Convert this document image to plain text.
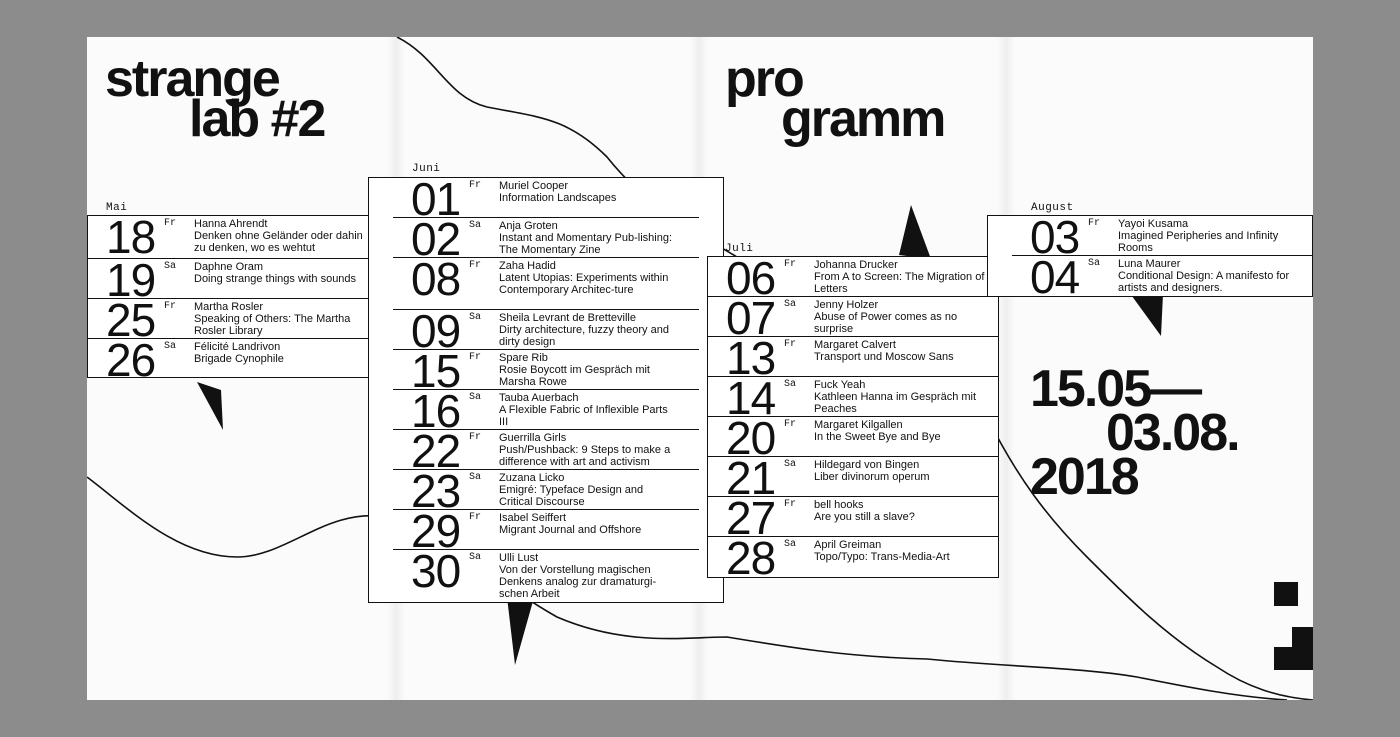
strange
lab #2
pro
gramm
15.05—
03.08.
2018
Mai
18 Fr Hanna Ahrendt
Denken ohne Geländer oder dahin zu denken, wo es wehtut
19 Sa Daphne Oram
Doing strange things with sounds
25 Fr Martha Rosler
Speaking of Others: The Martha Rosler Library
26 Sa Félicité Landrivon
Brigade Cynophile
Juni
01 Fr Muriel Cooper
Information Landscapes
02 Sa Anja Groten
Instant and Momentary Pub-lishing: The Momentary Zine
08 Fr Zaha Hadid
Latent Utopias: Experiments within Contemporary Architec-ture
09 Sa Sheila Levrant de Bretteville
Dirty architecture, fuzzy theory and dirty design
15 Fr Spare Rib
Rosie Boycott im Gespräch mit Marsha Rowe
16 Sa Tauba Auerbach
A Flexible Fabric of Inflexible Parts III
22 Fr Guerrilla Girls
Push/Pushback: 9 Steps to make a difference with art and activism
23 Sa Zuzana Licko
Emigré: Typeface Design and Critical Discourse
29 Fr Isabel Seiffert
Migrant Journal and Offshore
30 Sa Ulli Lust
Von der Vorstellung magischen Denkens analog zur dramaturgi-schen Arbeit
Juli
06 Fr Johanna Drucker
From A to Screen: The Migration of Letters
07 Sa Jenny Holzer
Abuse of Power comes as no surprise
13 Fr Margaret Calvert
Transport und Moscow Sans
14 Sa Fuck Yeah
Kathleen Hanna im Gespräch mit Peaches
20 Fr Margaret Kilgallen
In the Sweet Bye and Bye
21 Sa Hildegard von Bingen
Liber divinorum operum
27 Fr bell hooks
Are you still a slave?
28 Sa April Greiman
Topo/Typo: Trans-Media-Art
August
03 Fr Yayoi Kusama
Imagined Peripheries and Infinity Rooms
04 Sa Luna Maurer
Conditional Design: A manifesto for artists and designers.
